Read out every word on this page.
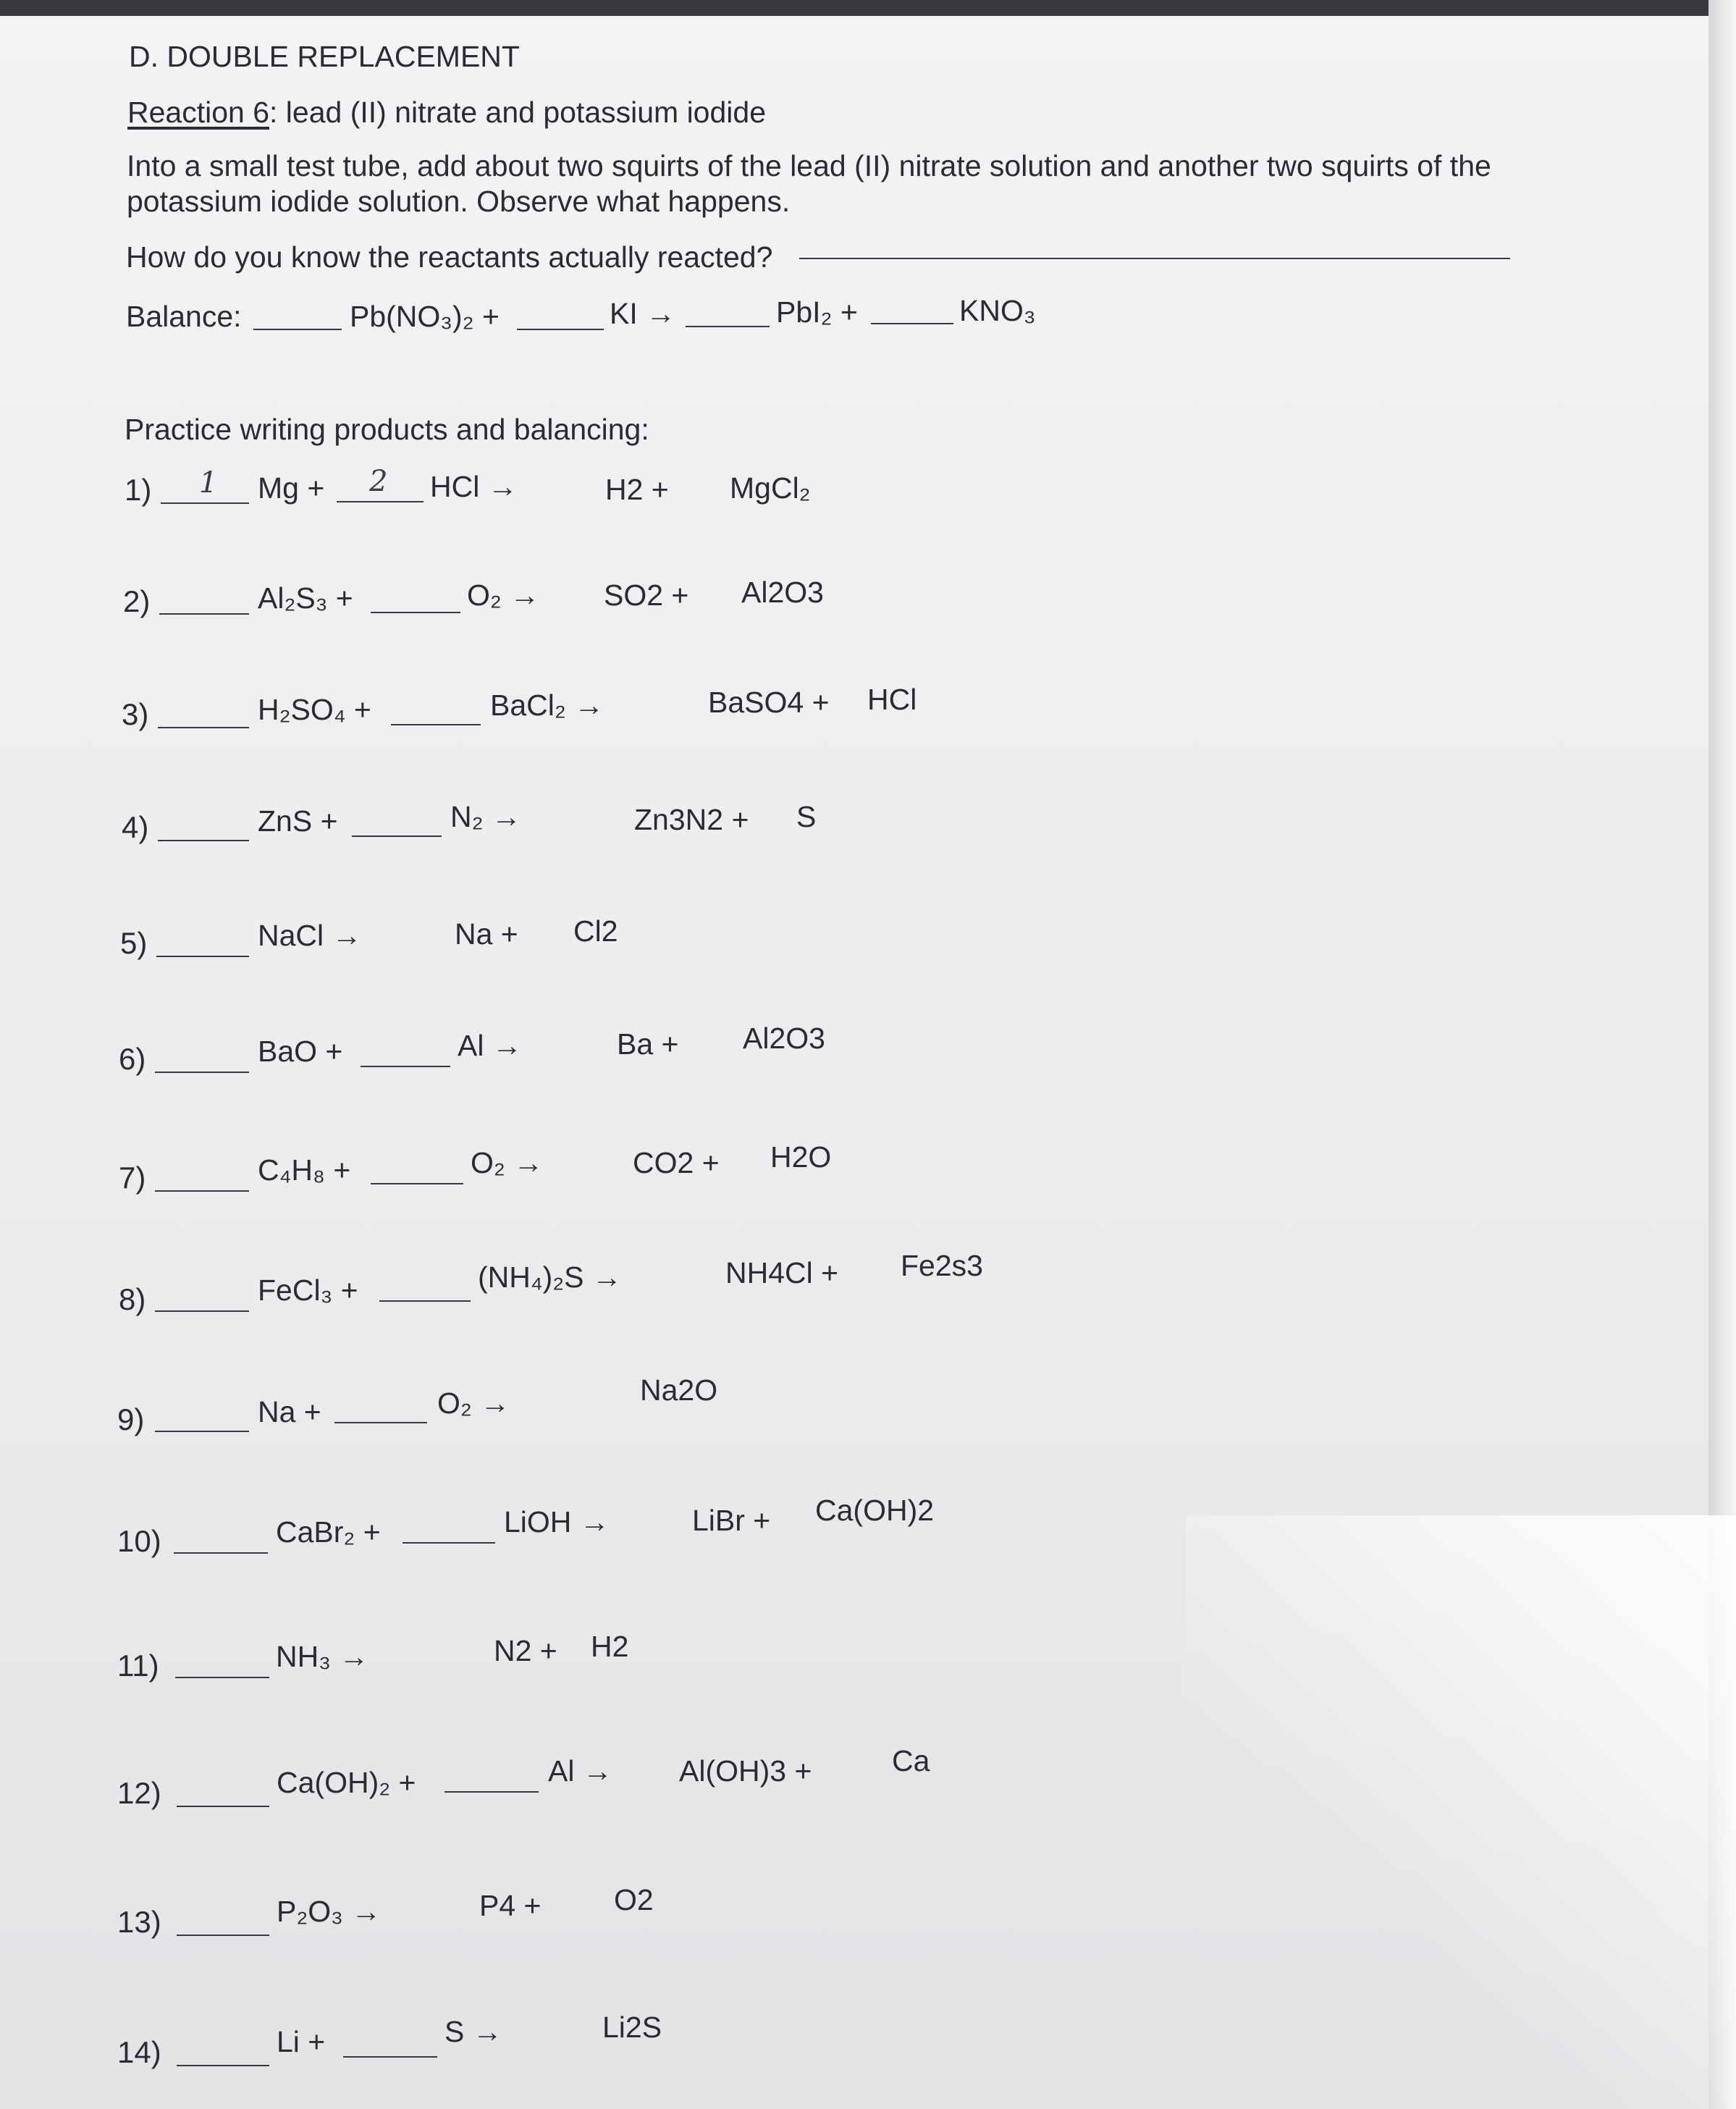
D. DOUBLE REPLACEMENT
Reaction 6: lead (II) nitrate and potassium iodide
Into a small test tube, add about two squirts of the lead (II) nitrate solution and another two squirts of the
potassium iodide solution. Observe what happens.
How do you know the reactants actually reacted?
Balance:	Pb(NO₃)₂ +	KI →	PbI₂ +	KNO₃
Practice writing products and balancing:
1) 1 Mg + 2 HCl →	H2 + MgCl₂
2)	Al₂S₃ +	O₂ → SO2 + Al2O3
3)	H₂SO₄ +	BaCl₂ →	BaSO4 + HCl
4)	ZnS +	N₂ →	Zn3N2 + S
5)	NaCl →	Na + Cl2
6)	BaO +	Al →	Ba + Al2O3
7)	C₄H₈ +	O₂ →	CO2 + H2O
8)	FeCl₃ +	(NH₄)₂S →	NH4Cl + Fe2s3
9)	Na +	O₂ →	Na2O
10)	CaBr₂ +	LiOH →	LiBr + Ca(OH)2
11)	NH₃ →	N2 + H2
12)	Ca(OH)₂ +	Al → Al(OH)3 +	Ca
13)	P₂O₃ →	P4 + O2
14)	Li +	S →	Li2S
